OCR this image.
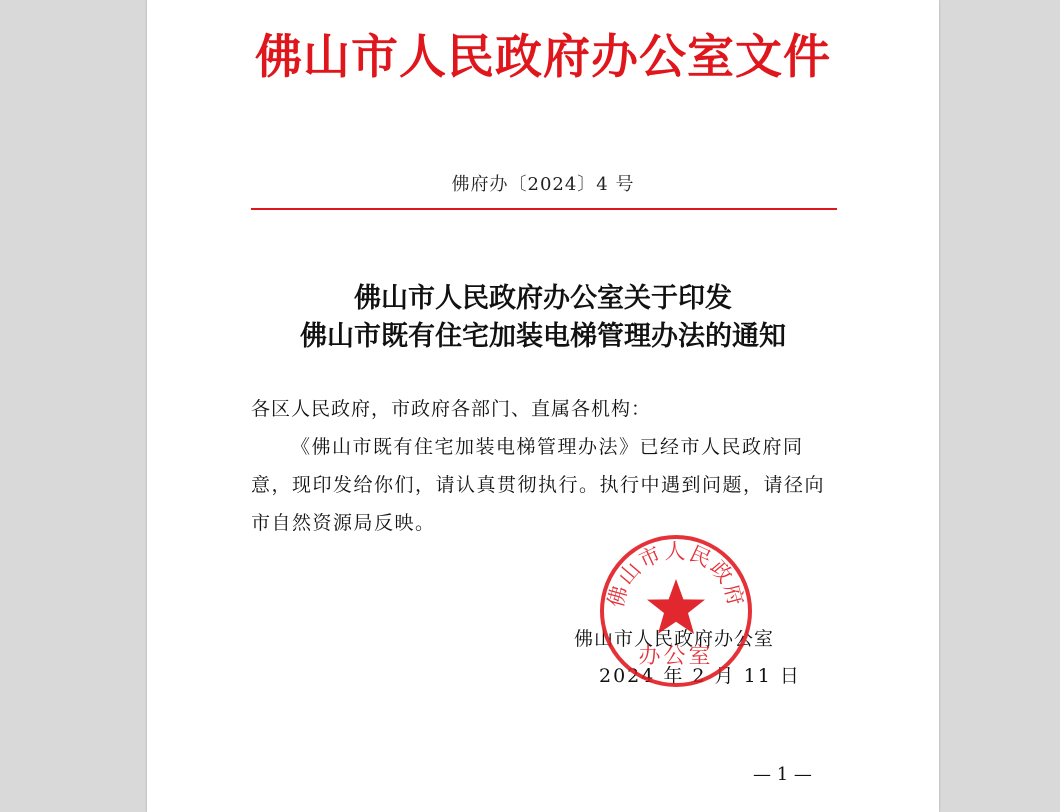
佛山市人民政府办公室文件
佛府办〔2024〕4 号
佛山市人民政府办公室关于印发
佛山市既有住宅加装电梯管理办法的通知
各区人民政府，市政府各部门、直属各机构：
《佛山市既有住宅加装电梯管理办法》已经市人民政府同意，现印发给你们，请认真贯彻执行。执行中遇到问题，请径向市自然资源局反映。
佛山市人民政府办公室
2024 年 2 月 11 日
佛山市人民政府
办公室
— 1 —
